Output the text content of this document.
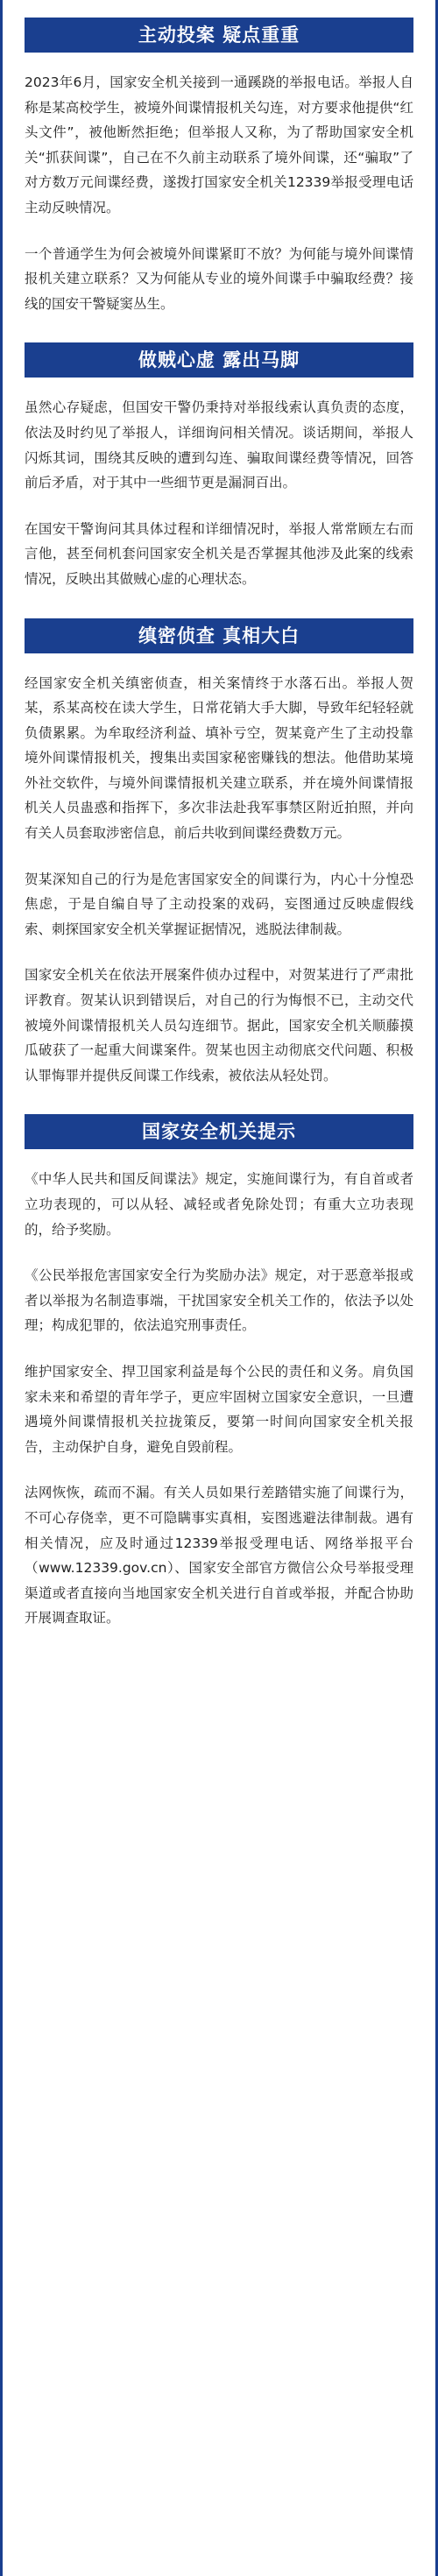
主动投案 疑点重重

2023年6月，国家安全机关接到一通蹊跷的举报电话。举报人自称是某高校学生，被境外间谍情报机关勾连，对方要求他提供“红头文件”，被他断然拒绝；但举报人又称，为了帮助国家安全机关“抓获间谍”，自己在不久前主动联系了境外间谍，还“骗取”了对方数万元间谍经费，遂拨打国家安全机关12339举报受理电话主动反映情况。

一个普通学生为何会被境外间谍紧盯不放？为何能与境外间谍情报机关建立联系？又为何能从专业的境外间谍手中骗取经费？接线的国安干警疑窦丛生。

做贼心虚 露出马脚

虽然心存疑虑，但国安干警仍秉持对举报线索认真负责的态度，依法及时约见了举报人，详细询问相关情况。谈话期间，举报人闪烁其词，围绕其反映的遭到勾连、骗取间谍经费等情况，回答前后矛盾，对于其中一些细节更是漏洞百出。

在国安干警询问其具体过程和详细情况时，举报人常常顾左右而言他，甚至伺机套问国家安全机关是否掌握其他涉及此案的线索情况，反映出其做贼心虚的心理状态。

缜密侦查 真相大白

经国家安全机关缜密侦查，相关案情终于水落石出。举报人贺某，系某高校在读大学生，日常花销大手大脚，导致年纪轻轻就负债累累。为牟取经济利益、填补亏空，贺某竟产生了主动投靠境外间谍情报机关，搜集出卖国家秘密赚钱的想法。他借助某境外社交软件，与境外间谍情报机关建立联系，并在境外间谍情报机关人员蛊惑和指挥下，多次非法赴我军事禁区附近拍照，并向有关人员套取涉密信息，前后共收到间谍经费数万元。

贺某深知自己的行为是危害国家安全的间谍行为，内心十分惶恐焦虑，于是自编自导了主动投案的戏码，妄图通过反映虚假线索、刺探国家安全机关掌握证据情况，逃脱法律制裁。

国家安全机关在依法开展案件侦办过程中，对贺某进行了严肃批评教育。贺某认识到错误后，对自己的行为悔恨不已，主动交代被境外间谍情报机关人员勾连细节。据此，国家安全机关顺藤摸瓜破获了一起重大间谍案件。贺某也因主动彻底交代问题、积极认罪悔罪并提供反间谍工作线索，被依法从轻处罚。

国家安全机关提示

《中华人民共和国反间谍法》规定，实施间谍行为，有自首或者立功表现的，可以从轻、减轻或者免除处罚；有重大立功表现的，给予奖励。

《公民举报危害国家安全行为奖励办法》规定，对于恶意举报或者以举报为名制造事端，干扰国家安全机关工作的，依法予以处理；构成犯罪的，依法追究刑事责任。

维护国家安全、捍卫国家利益是每个公民的责任和义务。肩负国家未来和希望的青年学子，更应牢固树立国家安全意识，一旦遭遇境外间谍情报机关拉拢策反，要第一时间向国家安全机关报告，主动保护自身，避免自毁前程。

法网恢恢，疏而不漏。有关人员如果行差踏错实施了间谍行为，不可心存侥幸，更不可隐瞒事实真相，妄图逃避法律制裁。遇有相关情况，应及时通过12339举报受理电话、网络举报平台（www.12339.gov.cn）、国家安全部官方微信公众号举报受理渠道或者直接向当地国家安全机关进行自首或举报，并配合协助开展调查取证。
